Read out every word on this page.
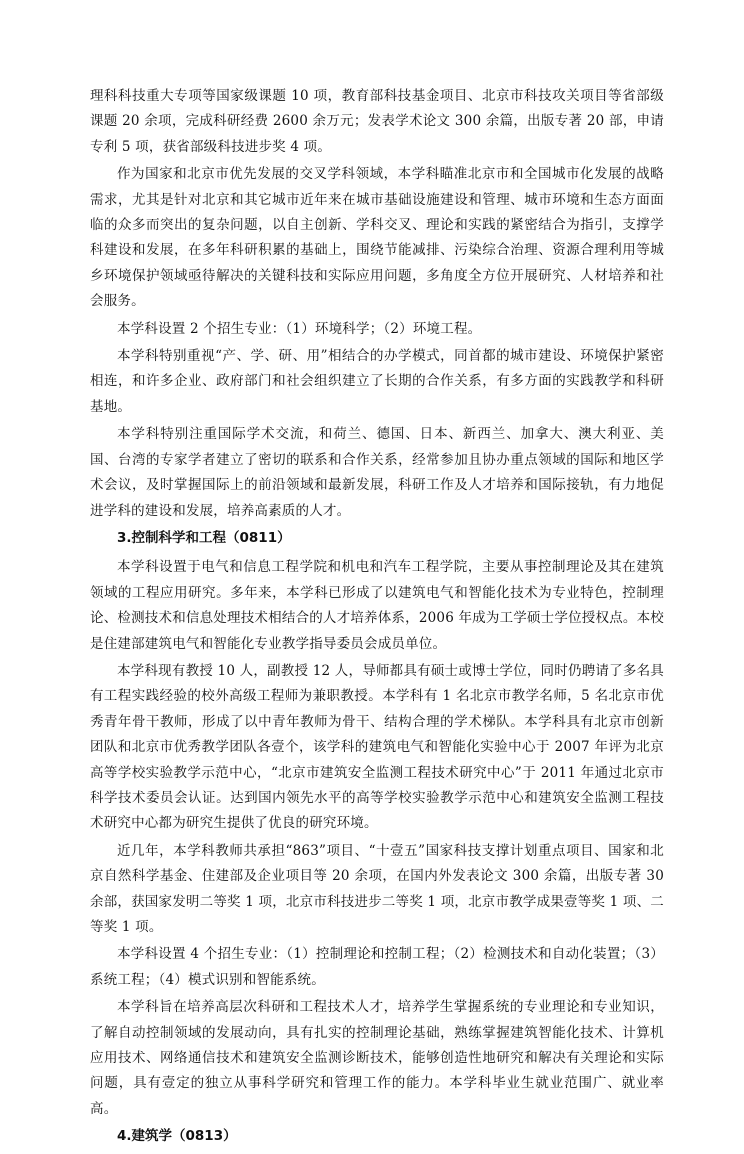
理科科技重大专项等国家级课题 10 项，教育部科技基金项目、北京市科技攻关项目等省部级课题 20 余项，完成科研经费 2600 余万元；发表学术论文 300 余篇，出版专著 20 部，申请专利 5 项，获省部级科技进步奖 4 项。

作为国家和北京市优先发展的交叉学科领域，本学科瞄准北京市和全国城市化发展的战略需求，尤其是针对北京和其它城市近年来在城市基础设施建设和管理、城市环境和生态方面面临的众多而突出的复杂问题，以自主创新、学科交叉、理论和实践的紧密结合为指引，支撑学科建设和发展，在多年科研积累的基础上，围绕节能减排、污染综合治理、资源合理利用等城乡环境保护领域亟待解决的关键科技和实际应用问题，多角度全方位开展研究、人材培养和社会服务。

本学科设置 2 个招生专业：（1）环境科学；（2）环境工程。

本学科特别重视“产、学、研、用”相结合的办学模式，同首都的城市建设、环境保护紧密相连，和许多企业、政府部门和社会组织建立了长期的合作关系，有多方面的实践教学和科研基地。

本学科特别注重国际学术交流，和荷兰、德国、日本、新西兰、加拿大、澳大利亚、美国、台湾的专家学者建立了密切的联系和合作关系，经常参加且协办重点领域的国际和地区学术会议，及时掌握国际上的前沿领域和最新发展，科研工作及人才培养和国际接轨，有力地促进学科的建设和发展，培养高素质的人才。

3.控制科学和工程（0811）

本学科设置于电气和信息工程学院和机电和汽车工程学院，主要从事控制理论及其在建筑领域的工程应用研究。多年来，本学科已形成了以建筑电气和智能化技术为专业特色，控制理论、检测技术和信息处理技术相结合的人才培养体系，2006 年成为工学硕士学位授权点。本校是住建部建筑电气和智能化专业教学指导委员会成员单位。

本学科现有教授 10 人，副教授 12 人，导师都具有硕士或博士学位，同时仍聘请了多名具有工程实践经验的校外高级工程师为兼职教授。本学科有 1 名北京市教学名师，5 名北京市优秀青年骨干教师，形成了以中青年教师为骨干、结构合理的学术梯队。本学科具有北京市创新团队和北京市优秀教学团队各壹个，该学科的建筑电气和智能化实验中心于 2007 年评为北京高等学校实验教学示范中心，“北京市建筑安全监测工程技术研究中心”于 2011 年通过北京市科学技术委员会认证。达到国内领先水平的高等学校实验教学示范中心和建筑安全监测工程技术研究中心都为研究生提供了优良的研究环境。

近几年，本学科教师共承担“863”项目、“十壹五”国家科技支撑计划重点项目、国家和北京自然科学基金、住建部及企业项目等 20 余项，在国内外发表论文 300 余篇，出版专著 30 余部，获国家发明二等奖 1 项，北京市科技进步二等奖 1 项，北京市教学成果壹等奖 1 项、二等奖 1 项。

本学科设置 4 个招生专业：（1）控制理论和控制工程；（2）检测技术和自动化装置；（3）系统工程；（4）模式识别和智能系统。

本学科旨在培养高层次科研和工程技术人才，培养学生掌握系统的专业理论和专业知识，了解自动控制领域的发展动向，具有扎实的控制理论基础，熟练掌握建筑智能化技术、计算机应用技术、网络通信技术和建筑安全监测诊断技术，能够创造性地研究和解决有关理论和实际问题，具有壹定的独立从事科学研究和管理工作的能力。本学科毕业生就业范围广、就业率高。

4.建筑学（0813）
